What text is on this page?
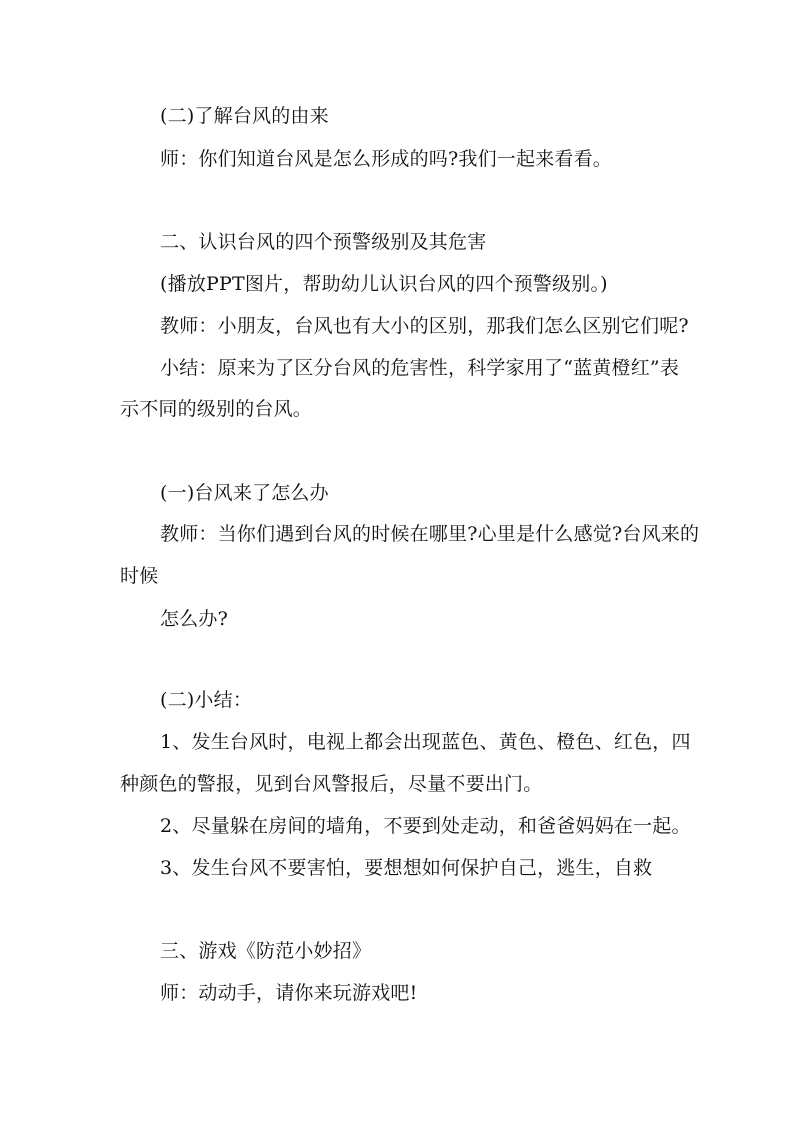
(二)了解台风的由来
师：你们知道台风是怎么形成的吗?我们一起来看看。
二、认识台风的四个预警级别及其危害
(播放PPT图片，帮助幼儿认识台风的四个预警级别。)
教师：小朋友，台风也有大小的区别，那我们怎么区别它们呢?
小结：原来为了区分台风的危害性，科学家用了“蓝黄橙红”表
示不同的级别的台风。
(一)台风来了怎么办
教师：当你们遇到台风的时候在哪里?心里是什么感觉?台风来的
时候
怎么办?
(二)小结：
1、发生台风时，电视上都会出现蓝色、黄色、橙色、红色，四
种颜色的警报，见到台风警报后，尽量不要出门。
2、尽量躲在房间的墙角，不要到处走动，和爸爸妈妈在一起。
3、发生台风不要害怕，要想想如何保护自己，逃生，自救
三、游戏《防范小妙招》
师：动动手，请你来玩游戏吧!
